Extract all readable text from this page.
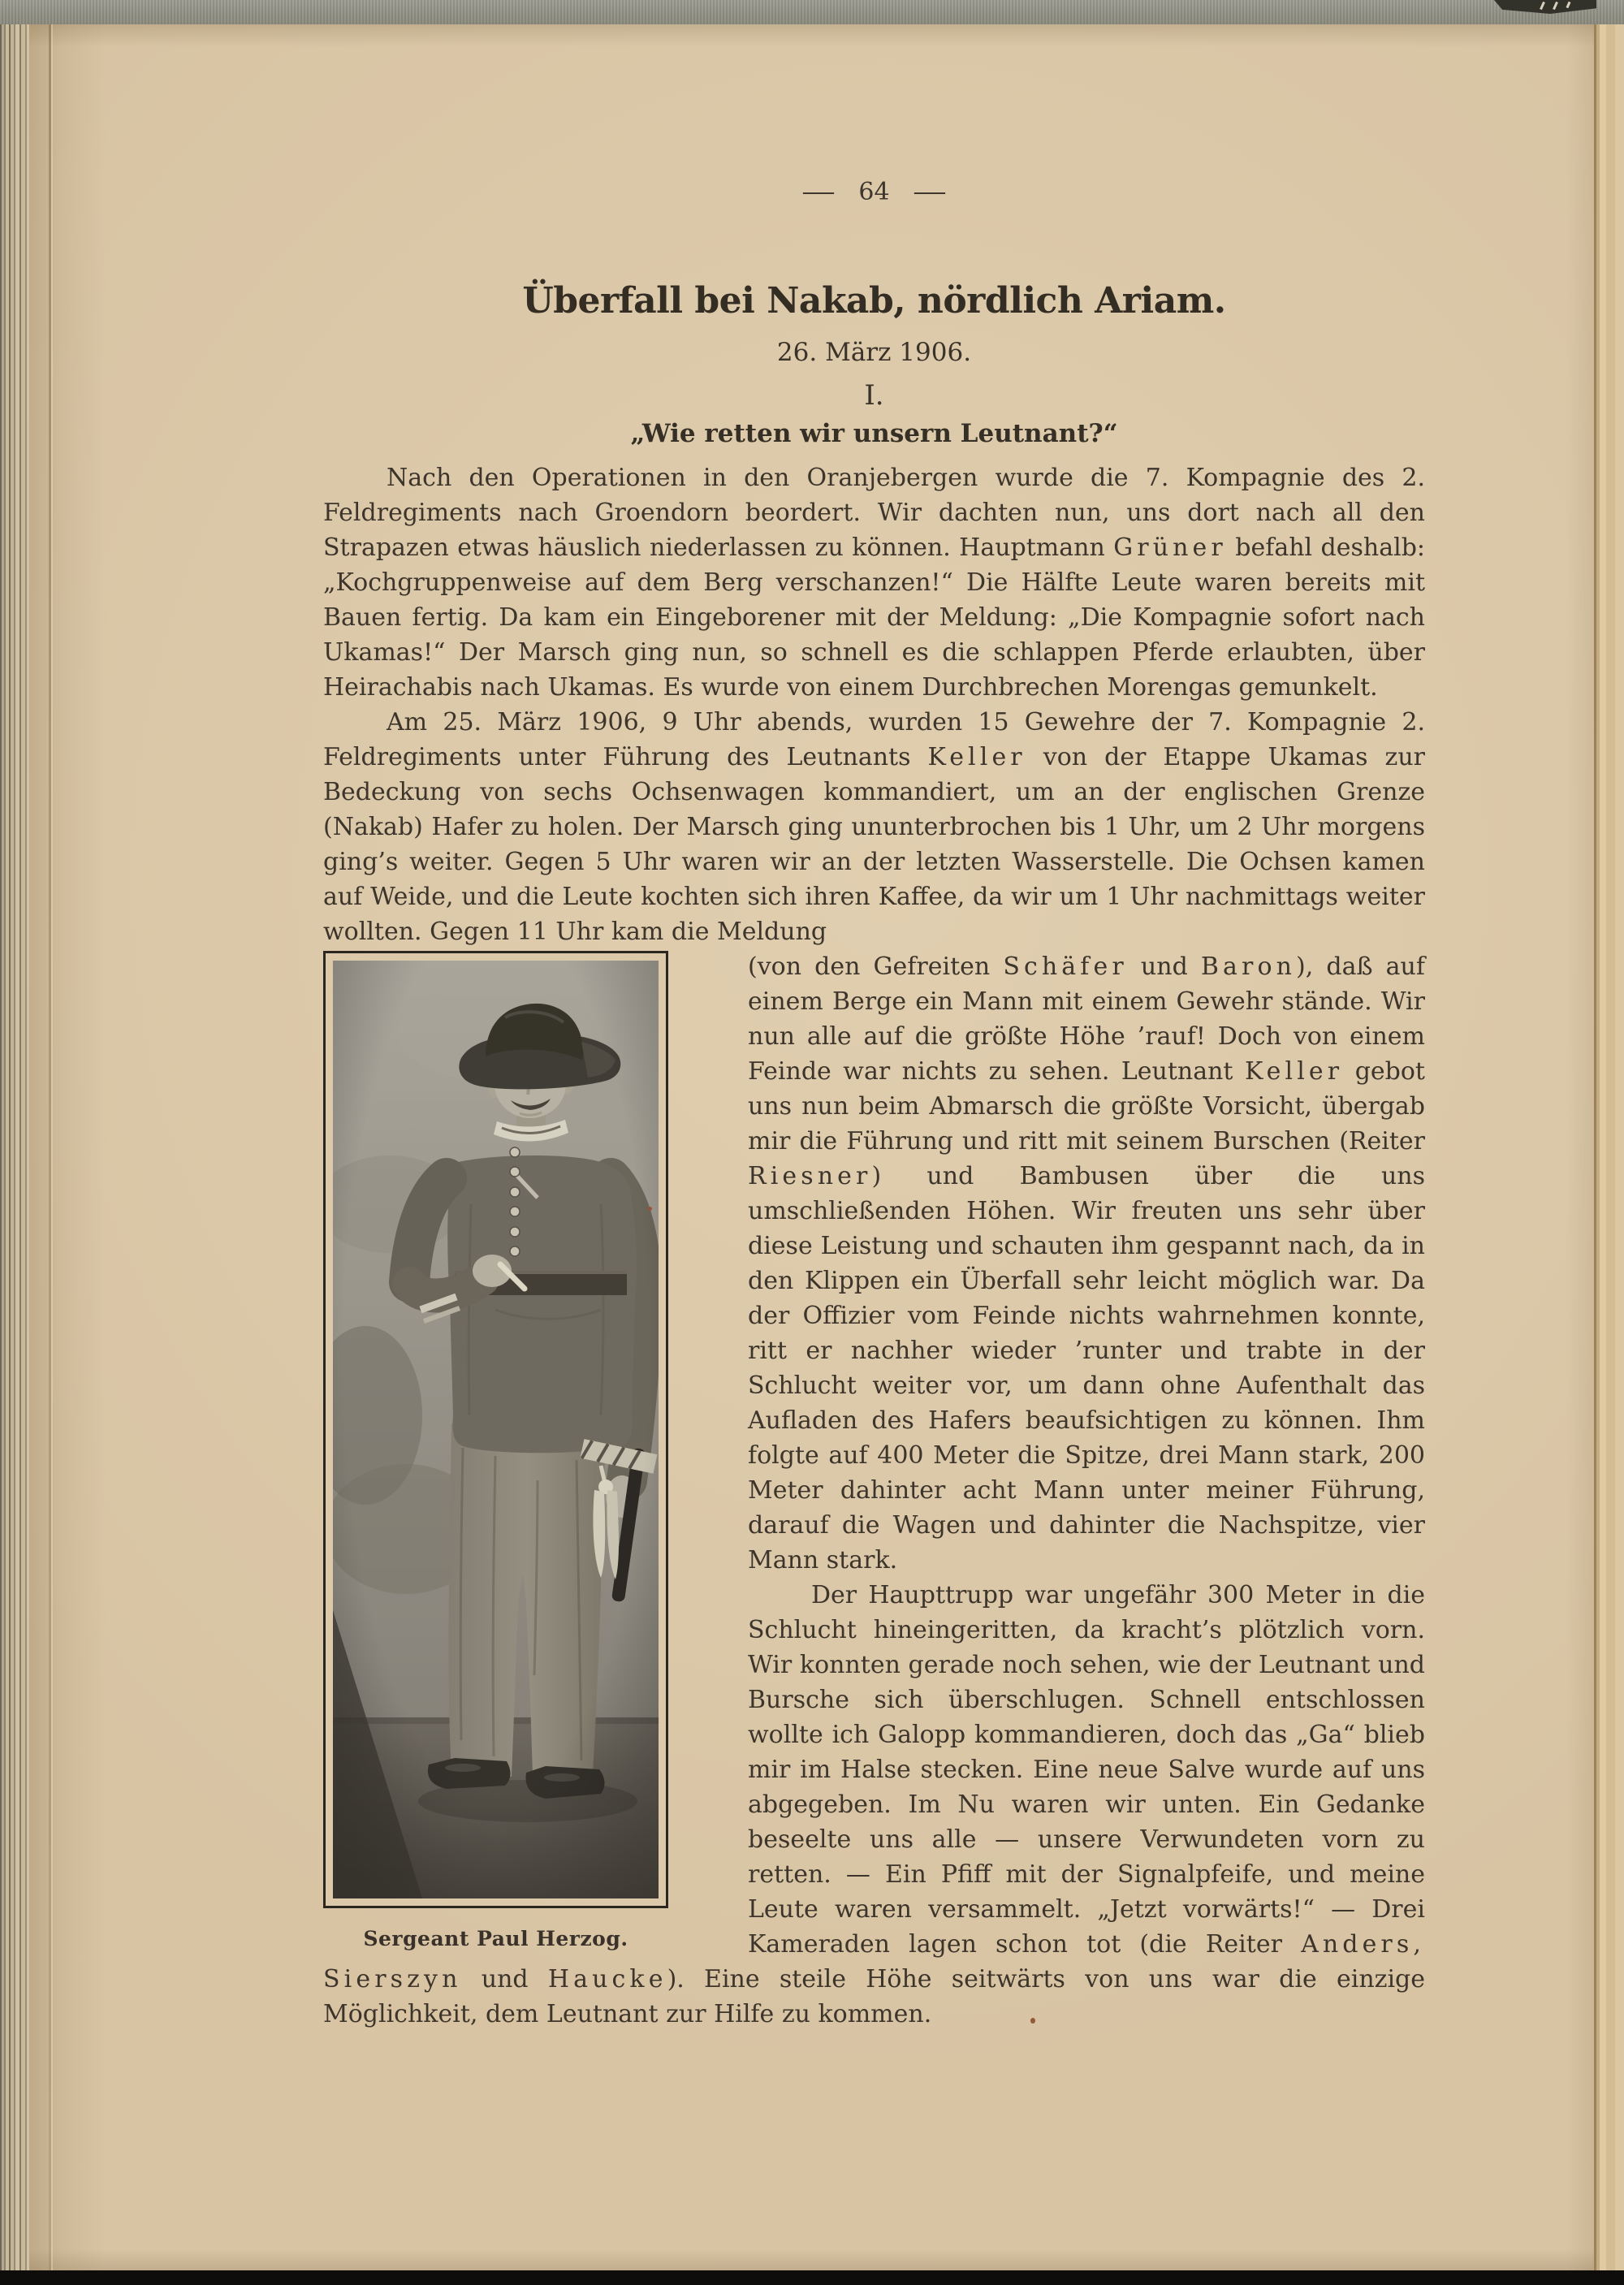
— 64 —
Überfall bei Nakab, nördlich Ariam.
26. März 1906.
I.
„Wie retten wir unsern Leutnant?“

Nach den Operationen in den Oranjebergen wurde die 7. Kompagnie des 2. Feldregiments nach Groendorn beordert. Wir dachten nun, uns dort nach all den Strapazen etwas häuslich niederlassen zu können. Hauptmann Grüner befahl deshalb: „Kochgruppenweise auf dem Berg verschanzen!“ Die Hälfte Leute waren bereits mit Bauen fertig. Da kam ein Eingeborener mit der Meldung: „Die Kompagnie sofort nach Ukamas!“ Der Marsch ging nun, so schnell es die schlappen Pferde erlaubten, über Heirachabis nach Ukamas. Es wurde von einem Durchbrechen Morengas gemunkelt.

Am 25. März 1906, 9 Uhr abends, wurden 15 Gewehre der 7. Kompagnie 2. Feldregiments unter Führung des Leutnants Keller von der Etappe Ukamas zur Bedeckung von sechs Ochsenwagen kommandiert, um an der englischen Grenze (Nakab) Hafer zu holen. Der Marsch ging ununterbrochen bis 1 Uhr, um 2 Uhr morgens ging’s weiter. Gegen 5 Uhr waren wir an der letzten Wasserstelle. Die Ochsen kamen auf Weide, und die Leute kochten sich ihren Kaffee, da wir um 1 Uhr nachmittags weiter wollten. Gegen 11 Uhr kam die Meldung

Sergeant Paul Herzog.

(von den Gefreiten Schäfer und Baron), daß auf einem Berge ein Mann mit einem Gewehr stände. Wir nun alle auf die größte Höhe ’rauf! Doch von einem Feinde war nichts zu sehen. Leutnant Keller gebot uns nun beim Abmarsch die größte Vorsicht, übergab mir die Führung und ritt mit seinem Burschen (Reiter Riesner) und Bambusen über die uns umschließenden Höhen. Wir freuten uns sehr über diese Leistung und schauten ihm gespannt nach, da in den Klippen ein Überfall sehr leicht möglich war. Da der Offizier vom Feinde nichts wahrnehmen konnte, ritt er nachher wieder ’runter und trabte in der Schlucht weiter vor, um dann ohne Aufenthalt das Aufladen des Hafers beaufsichtigen zu können. Ihm folgte auf 400 Meter die Spitze, drei Mann stark, 200 Meter dahinter acht Mann unter meiner Führung, darauf die Wagen und dahinter die Nachspitze, vier Mann stark.

Der Haupttrupp war ungefähr 300 Meter in die Schlucht hineingeritten, da kracht’s plötzlich vorn. Wir konnten gerade noch sehen, wie der Leutnant und Bursche sich überschlugen. Schnell entschlossen wollte ich Galopp kommandieren, doch das „Ga“ blieb mir im Halse stecken. Eine neue Salve wurde auf uns abgegeben. Im Nu waren wir unten. Ein Gedanke beseelte uns alle — unsere Verwundeten vorn zu retten. — Ein Pfiff mit der Signalpfeife, und meine Leute waren versammelt. „Jetzt vorwärts!“ — Drei Kameraden lagen schon tot (die Reiter Anders, Sierszyn und Haucke). Eine steile Höhe seitwärts von uns war die einzige Möglichkeit, dem Leutnant zur Hilfe zu kommen.
